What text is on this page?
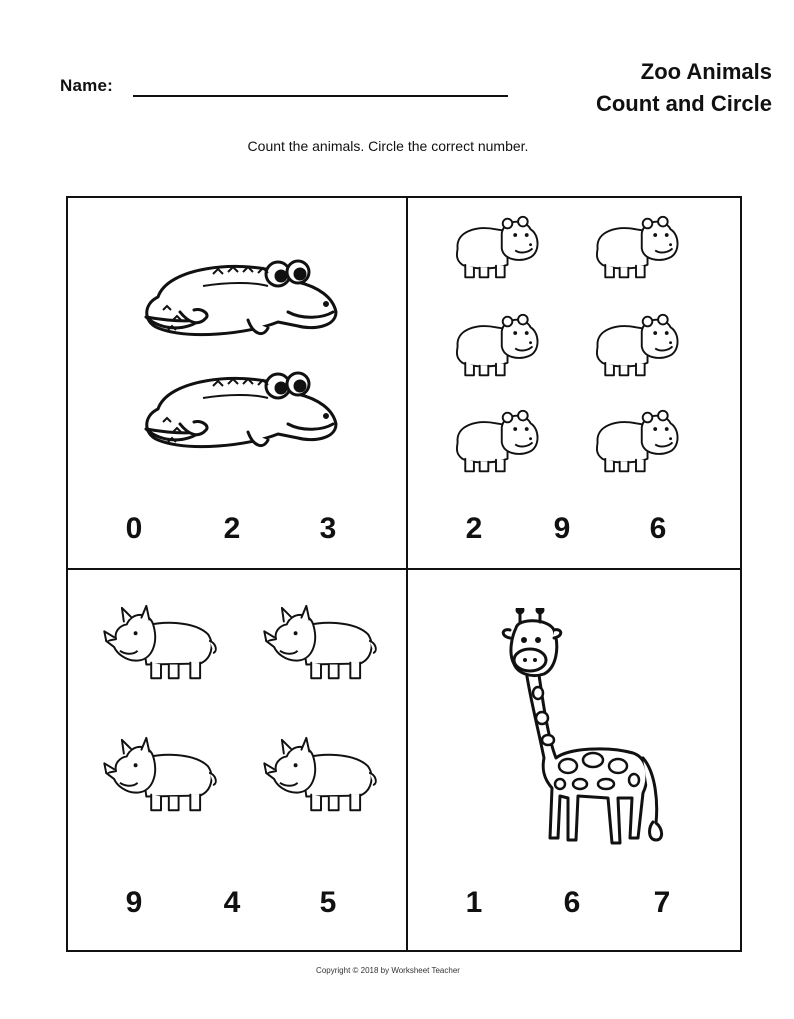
Name:
Zoo Animals
Count and Circle
Count the animals. Circle the correct number.
0	2	3	2	9	6
9	4	5	1	6	7
Copyright © 2018 by Worksheet Teacher
